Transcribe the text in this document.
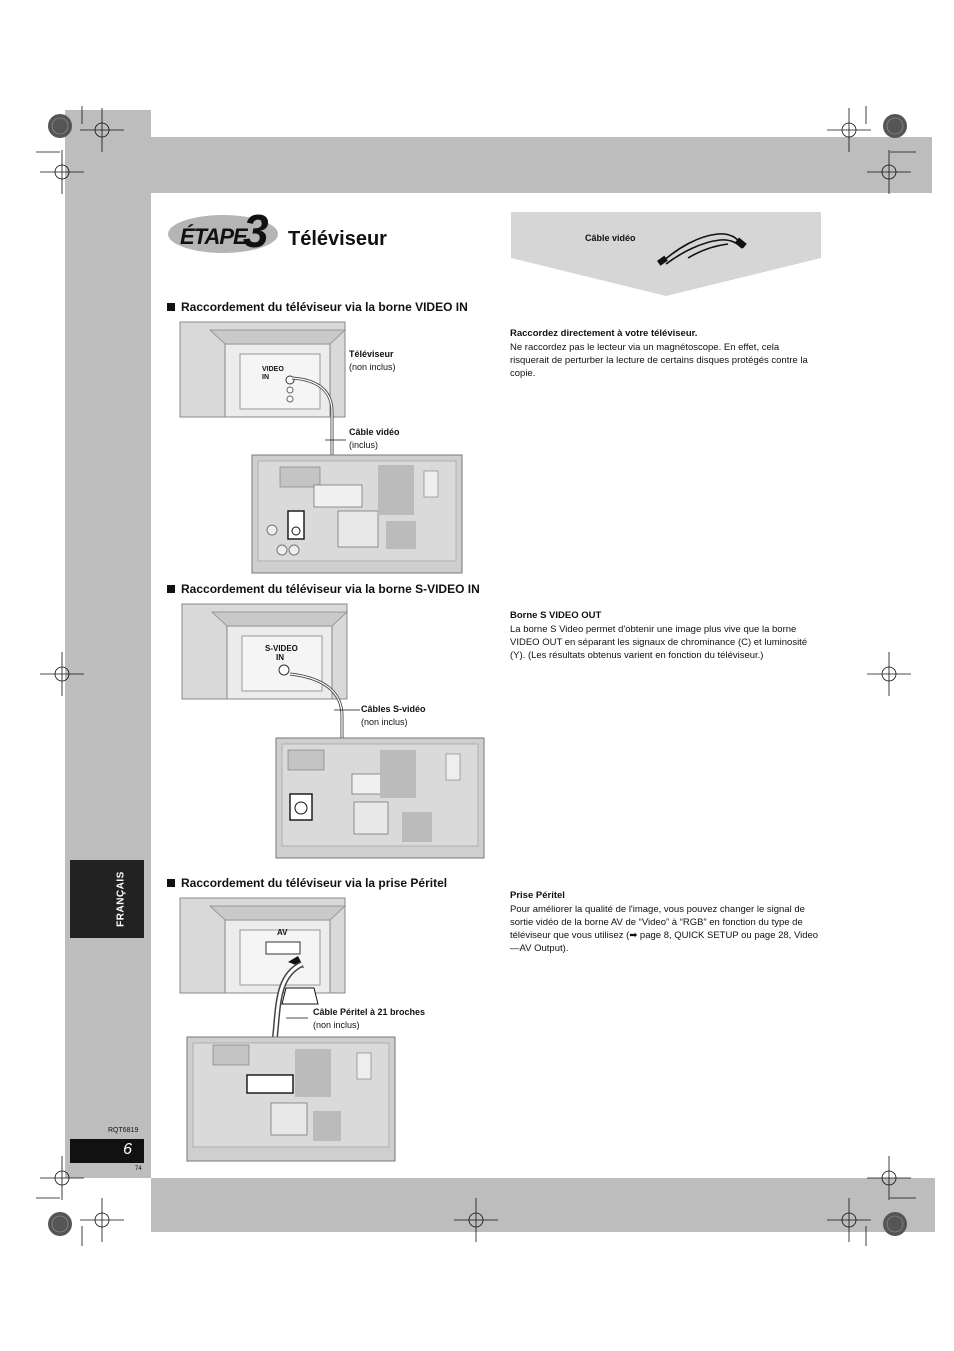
ÉTAPE
3 Téléviseur	Câble vidéo
Raccordement du téléviseur via la borne VIDEO IN
VIDEO IN
Téléviseur
(non inclus)
Câble vidéo
(inclus)
Raccordez directement à votre téléviseur.
Ne raccordez pas le lecteur via un magnétoscope. En effet, cela risquerait de perturber la lecture de certains disques protégés contre la copie.
Raccordement du téléviseur via la borne S-VIDEO IN
S-VIDEO
IN
Câbles S-vidéo
(non inclus)
Borne S VIDEO OUT
La borne S Video permet d'obtenir une image plus vive que la borne VIDEO OUT en séparant les signaux de chrominance (C) et luminosité (Y). (Les résultats obtenus varient en fonction du téléviseur.)
Raccordement du téléviseur via la prise Péritel
AV
Câble Péritel à 21 broches
(non inclus)
Prise Péritel
Pour améliorer la qualité de l'image, vous pouvez changer le signal de sortie vidéo de la borne AV de “Video” à “RGB” en fonction du type de téléviseur que vous utilisez (➡ page 8, QUICK SETUP ou page 28, Video—AV Output).
FRANÇAIS
RQT6819
6
74
